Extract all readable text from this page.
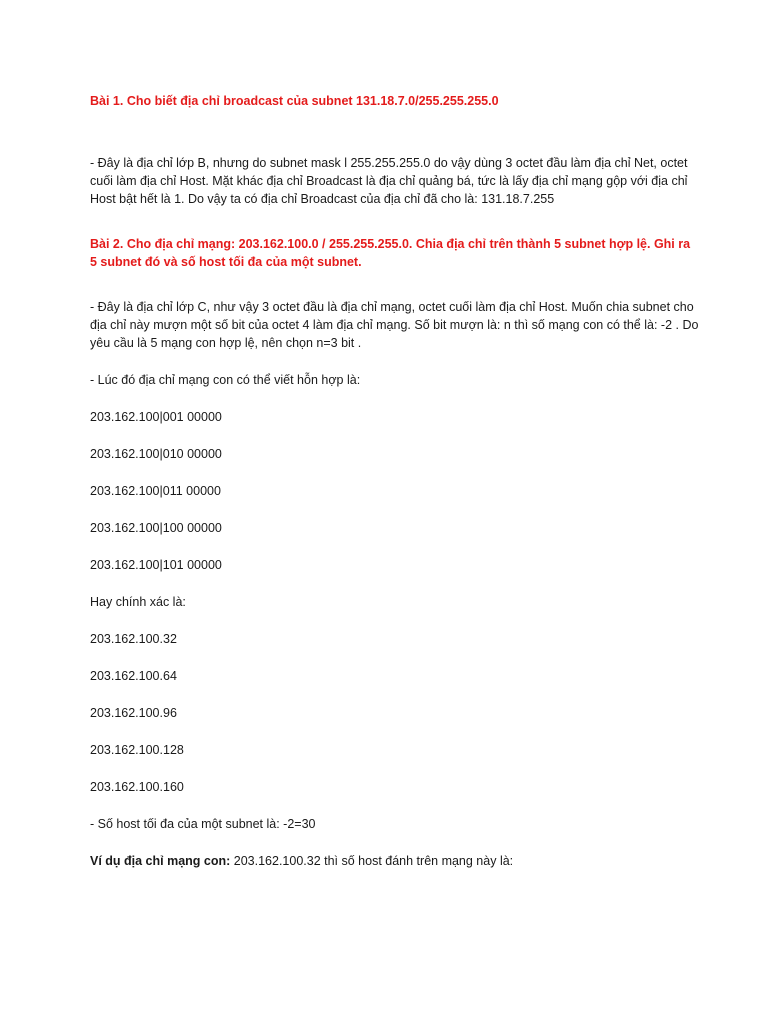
Bài 1. Cho biết địa chỉ broadcast của subnet 131.18.7.0/255.255.255.0

- Đây là địa chỉ lớp B, nhưng do subnet mask l 255.255.255.0 do vậy dùng 3 octet đầu làm địa chỉ Net, octet cuối làm địa chỉ Host. Mặt khác địa chỉ Broadcast là địa chỉ quảng bá, tức là lấy địa chỉ mạng gộp với địa chỉ Host bật hết là 1. Do vậy ta có địa chỉ Broadcast của địa chỉ đã cho là: 131.18.7.255

Bài 2. Cho địa chỉ mạng: 203.162.100.0 / 255.255.255.0. Chia địa chỉ trên thành 5 subnet hợp lệ. Ghi ra 5 subnet đó và số host tối đa của một subnet.

- Đây là địa chỉ lớp C, như vậy 3 octet đầu là địa chỉ mạng, octet cuối làm địa chỉ Host. Muốn chia subnet cho địa chỉ này mượn một số bit của octet 4 làm địa chỉ mạng. Số bit mượn là: n thì số mạng con có thể là: -2 . Do yêu cầu là 5 mạng con hợp lệ, nên chọn n=3 bit .

- Lúc đó địa chỉ mạng con có thể viết hỗn hợp là:

203.162.100|001 00000

203.162.100|010 00000

203.162.100|011 00000

203.162.100|100 00000

203.162.100|101 00000

Hay chính xác là:

203.162.100.32

203.162.100.64

203.162.100.96

203.162.100.128

203.162.100.160

- Số host tối đa của một subnet là: -2=30

Ví dụ địa chỉ mạng con: 203.162.100.32 thì số host đánh trên mạng này là:
